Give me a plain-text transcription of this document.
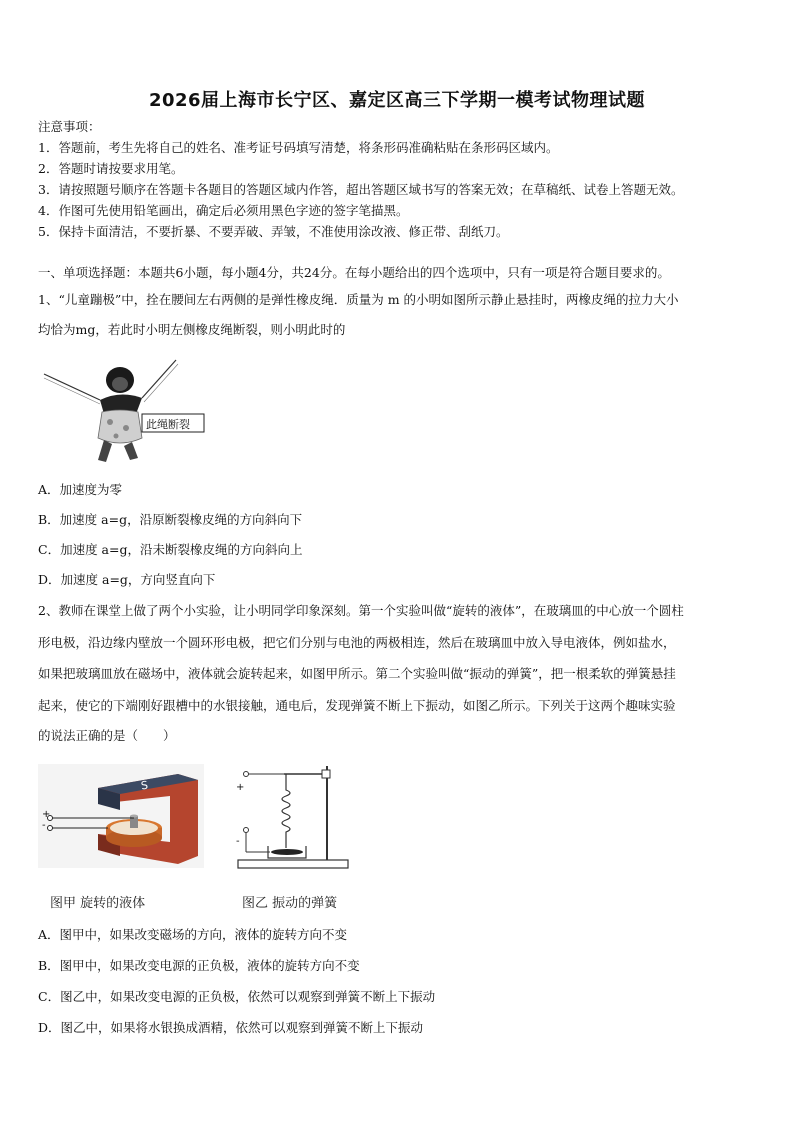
2026届上海市长宁区、嘉定区高三下学期一模考试物理试题
注意事项：
1．答题前，考生先将自己的姓名、准考证号码填写清楚，将条形码准确粘贴在条形码区域内。
2．答题时请按要求用笔。
3．请按照题号顺序在答题卡各题目的答题区域内作答，超出答题区域书写的答案无效；在草稿纸、试卷上答题无效。
4．作图可先使用铅笔画出，确定后必须用黑色字迹的签字笔描黑。
5．保持卡面清洁，不要折暴、不要弄破、弄皱，不准使用涂改液、修正带、刮纸刀。
一、单项选择题：本题共6小题，每小题4分，共24分。在每小题给出的四个选项中，只有一项是符合题目要求的。
1、“儿童蹦极”中，拴在腰间左右两侧的是弹性橡皮绳．质量为 m 的小明如图所示静止悬挂时，两橡皮绳的拉力大小
均恰为mg，若此时小明左侧橡皮绳断裂，则小明此时的
此绳断裂
A．加速度为零
B．加速度 a=g，沿原断裂橡皮绳的方向斜向下
C．加速度 a=g，沿未断裂橡皮绳的方向斜向上
D．加速度 a=g，方向竖直向下
2、教师在课堂上做了两个小实验，让小明同学印象深刻。第一个实验叫做“旋转的液体”，在玻璃皿的中心放一个圆柱
形电极，沿边缘内壁放一个圆环形电极，把它们分别与电池的两极相连，然后在玻璃皿中放入导电液体，例如盐水，
如果把玻璃皿放在磁场中，液体就会旋转起来，如图甲所示。第二个实验叫做“振动的弹簧”，把一根柔软的弹簧悬挂
起来，使它的下端刚好跟槽中的水银接触，通电后，发现弹簧不断上下振动，如图乙所示。下列关于这两个趣味实验
的说法正确的是（　　）
+
-
S	+
-
图甲 旋转的液体	图乙 振动的弹簧
A．图甲中，如果改变磁场的方向，液体的旋转方向不变
B．图甲中，如果改变电源的正负极，液体的旋转方向不变
C．图乙中，如果改变电源的正负极，依然可以观察到弹簧不断上下振动
D．图乙中，如果将水银换成酒精，依然可以观察到弹簧不断上下振动
